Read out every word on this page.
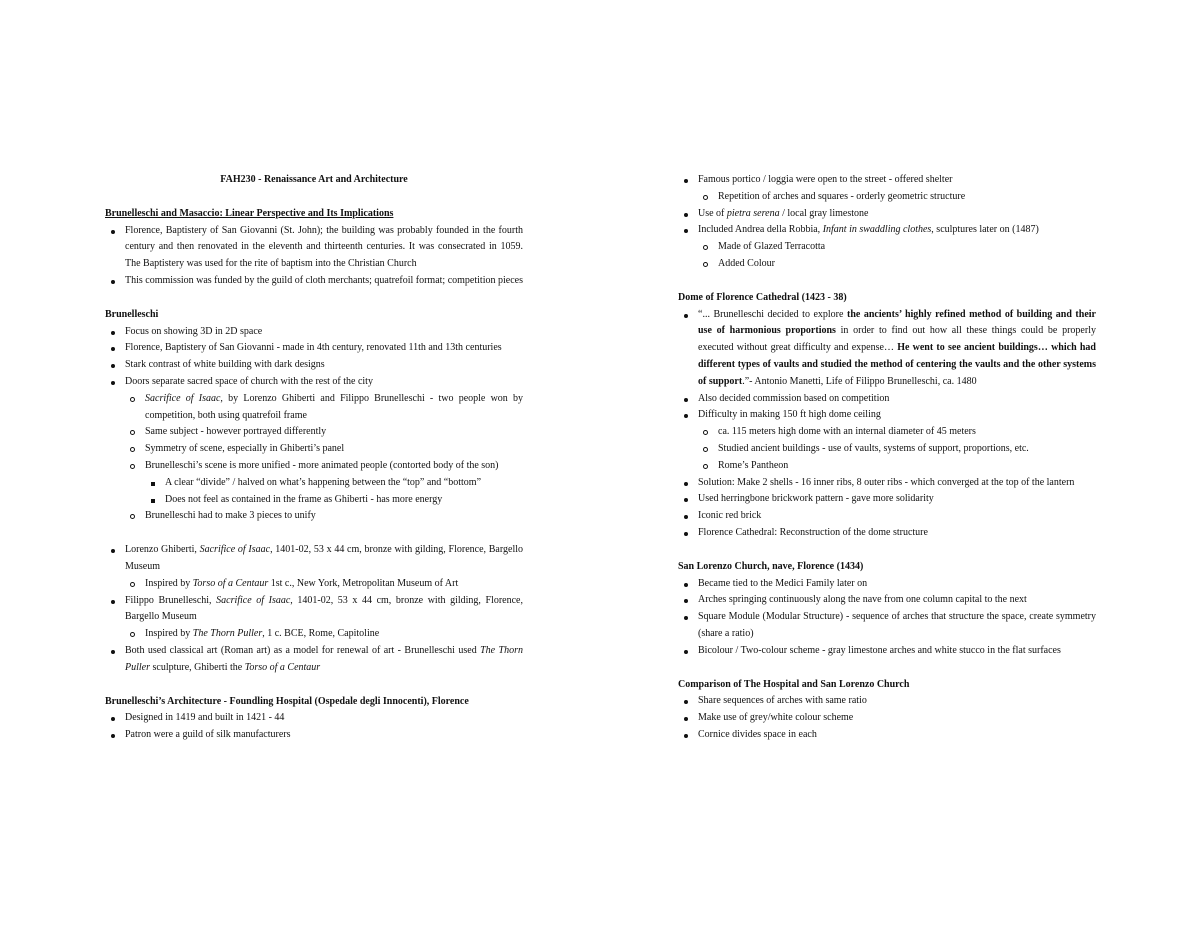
FAH230 - Renaissance Art and Architecture
Brunelleschi and Masaccio: Linear Perspective and Its Implications
Florence, Baptistery of San Giovanni (St. John); the building was probably founded in the fourth century and then renovated in the eleventh and thirteenth centuries. It was consecrated in 1059. The Baptistery was used for the rite of baptism into the Christian Church
This commission was funded by the guild of cloth merchants; quatrefoil format; competition pieces
Brunelleschi
Focus on showing 3D in 2D space
Florence, Baptistery of San Giovanni - made in 4th century, renovated 11th and 13th centuries
Stark contrast of white building with dark designs
Doors separate sacred space of church with the rest of the city
Sacrifice of Isaac, by Lorenzo Ghiberti and Filippo Brunelleschi - two people won by competition, both using quatrefoil frame
Same subject - however portrayed differently
Symmetry of scene, especially in Ghiberti’s panel
Brunelleschi’s scene is more unified - more animated people (contorted body of the son)
A clear “divide” / halved on what’s happening between the “top” and “bottom”
Does not feel as contained in the frame as Ghiberti - has more energy
Brunelleschi had to make 3 pieces to unify
Lorenzo Ghiberti, Sacrifice of Isaac, 1401-02, 53 x 44 cm, bronze with gilding, Florence, Bargello Museum
Inspired by Torso of a Centaur 1st c., New York, Metropolitan Museum of Art
Filippo Brunelleschi, Sacrifice of Isaac, 1401-02, 53 x 44 cm, bronze with gilding, Florence, Bargello Museum
Inspired by The Thorn Puller, 1 c. BCE, Rome, Capitoline
Both used classical art (Roman art) as a model for renewal of art - Brunelleschi used The Thorn Puller sculpture, Ghiberti the Torso of a Centaur
Brunelleschi’s Architecture - Foundling Hospital (Ospedale degli Innocenti), Florence
Designed in 1419 and built in 1421 - 44
Patron were a guild of silk manufacturers
Famous portico / loggia were open to the street - offered shelter
Repetition of arches and squares - orderly geometric structure
Use of pietra serena / local gray limestone
Included Andrea della Robbia, Infant in swaddling clothes, sculptures later on (1487)
Made of Glazed Terracotta
Added Colour
Dome of Florence Cathedral (1423 - 38)
“... Brunelleschi decided to explore the ancients’ highly refined method of building and their use of harmonious proportions in order to find out how all these things could be properly executed without great difficulty and expense… He went to see ancient buildings… which had different types of vaults and studied the method of centering the vaults and the other systems of support.”- Antonio Manetti, Life of Filippo Brunelleschi, ca. 1480
Also decided commission based on competition
Difficulty in making 150 ft high dome ceiling
ca. 115 meters high dome with an internal diameter of 45 meters
Studied ancient buildings - use of vaults, systems of support, proportions, etc.
Rome’s Pantheon
Solution: Make 2 shells - 16 inner ribs, 8 outer ribs - which converged at the top of the lantern
Used herringbone brickwork pattern - gave more solidarity
Iconic red brick
Florence Cathedral: Reconstruction of the dome structure
San Lorenzo Church, nave, Florence (1434)
Became tied to the Medici Family later on
Arches springing continuously along the nave from one column capital to the next
Square Module (Modular Structure) - sequence of arches that structure the space, create symmetry (share a ratio)
Bicolour / Two-colour scheme - gray limestone arches and white stucco in the flat surfaces
Comparison of The Hospital and San Lorenzo Church
Share sequences of arches with same ratio
Make use of grey/white colour scheme
Cornice divides space in each
